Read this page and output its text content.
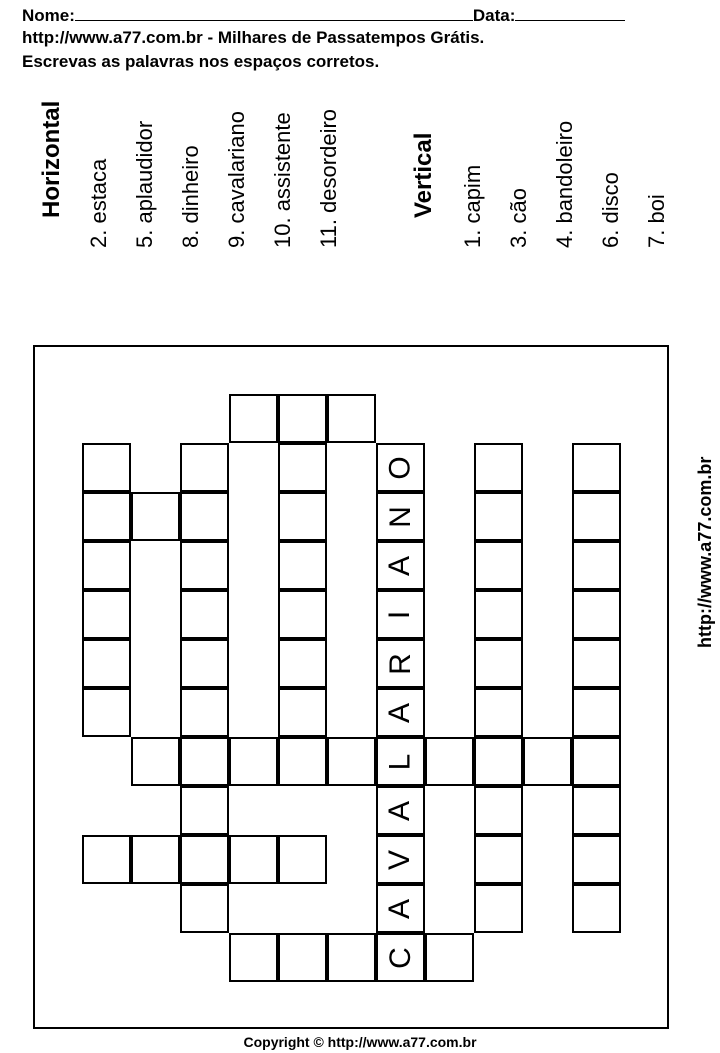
Nome:	Data:
http://www.a77.com.br - Milhares de Passatempos Grátis.
Escrevas as palavras nos espaços corretos.
Horizontal 2. estaca 5. aplaudidor 8. dinheiro 9. cavalariano 10. assistente 11. desordeiro	Vertical 1. capim 3. cão 4. bandoleiro 6. disco 7. boi
O
N
A
I
R
A
L
A
V
A
C
http://www.a77.com.br
Copyright © http://www.a77.com.br
